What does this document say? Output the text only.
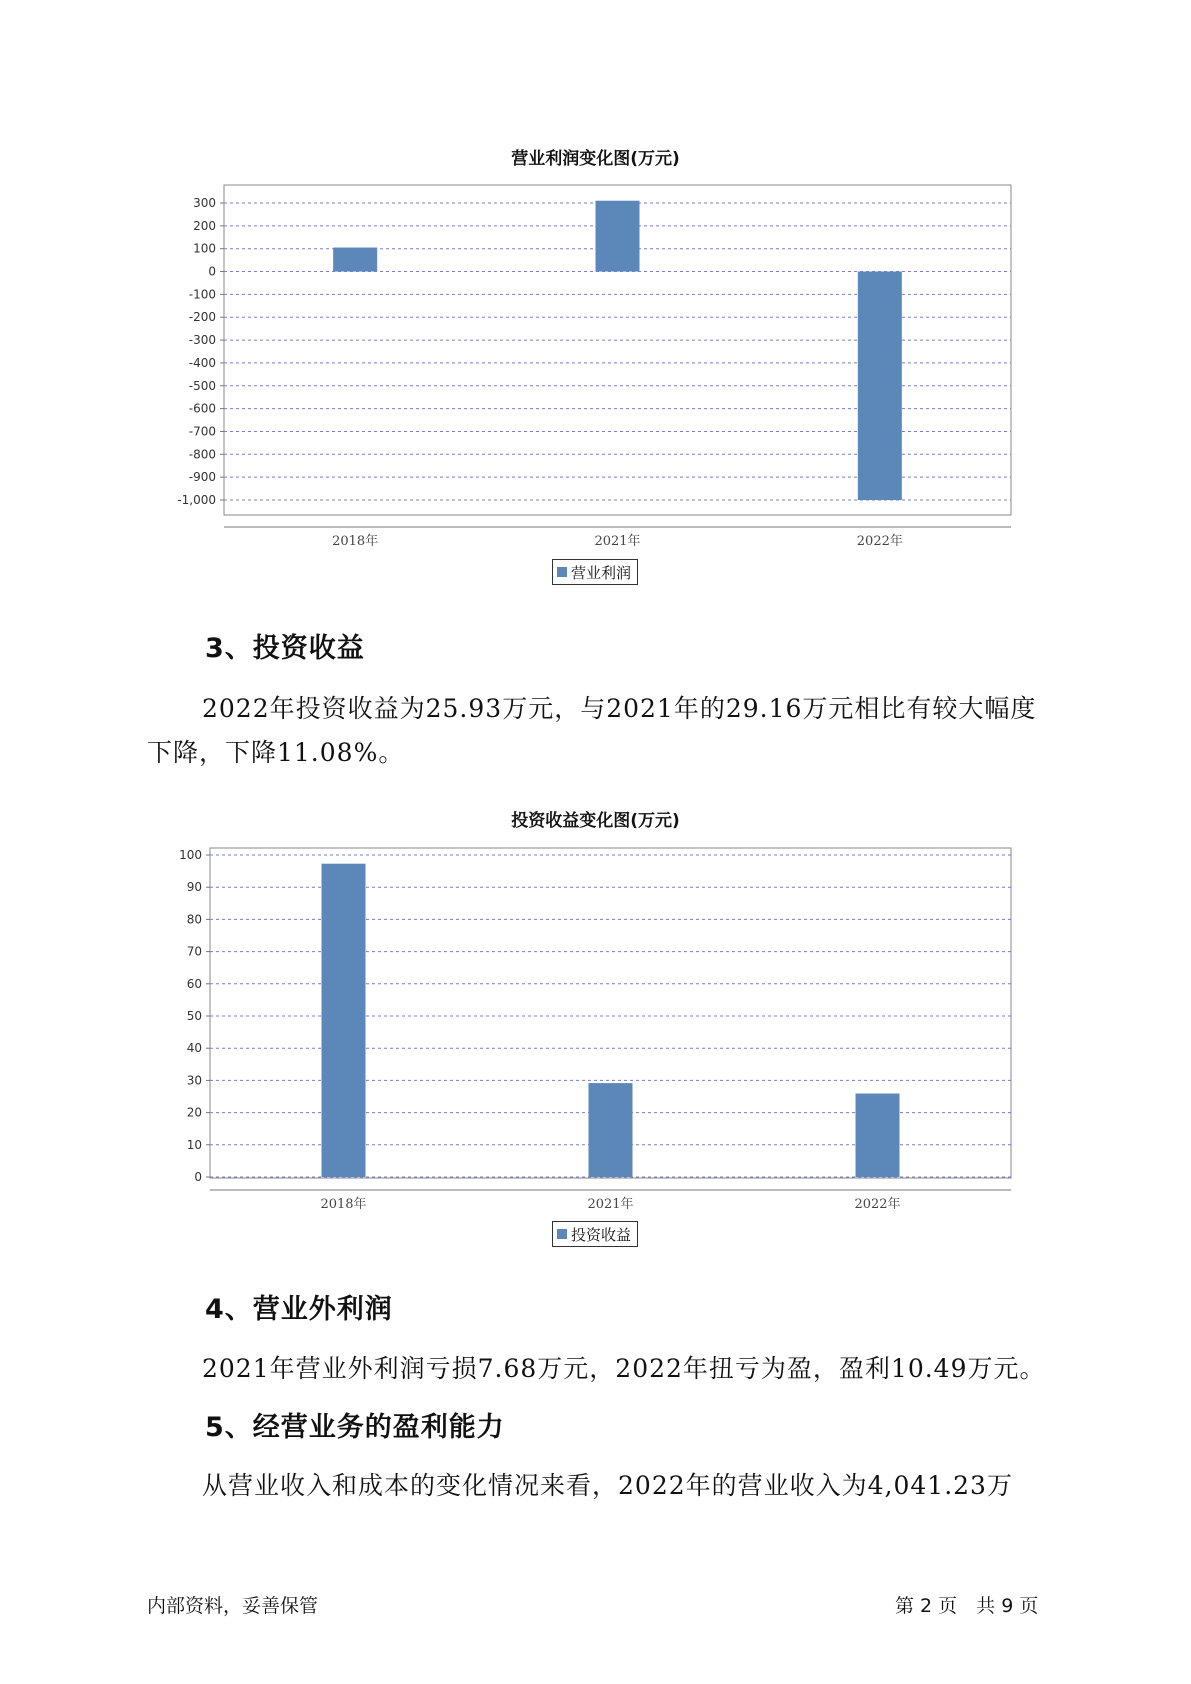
营业利润变化图(万元)
300
200
100
0
-100
-200
-300
-400
-500
-600
-700
-800
-900
-1,000
2018年	2021年	2022年
营业利润
3、投资收益

2022年投资收益为25.93万元，与2021年的29.16万元相比有较大幅度

下降，下降11.08%。

投资收益变化图(万元)
100
90
80
70
60
50
40
30
20
10
0
2018年	2021年	2022年
投资收益
4、营业外利润

2021年营业外利润亏损7.68万元，2022年扭亏为盈，盈利10.49万元。

5、经营业务的盈利能力

从营业收入和成本的变化情况来看，2022年的营业收入为4,041.23万

内部资料，妥善保管	第 2 页　共 9 页
